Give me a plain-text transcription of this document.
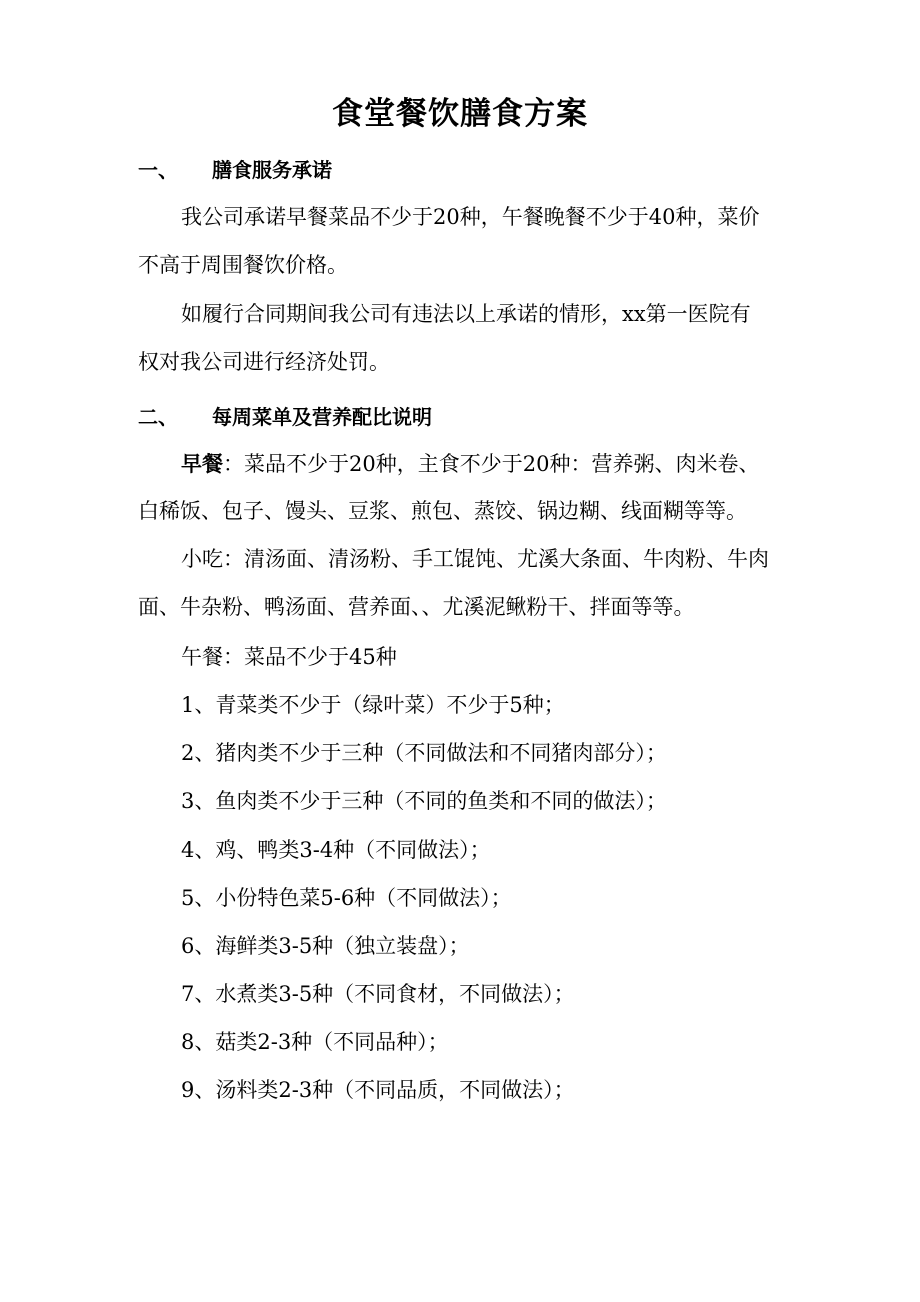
食堂餐饮膳食方案
一、 膳食服务承诺
我公司承诺早餐菜品不少于20种，午餐晚餐不少于40种，菜价
不高于周围餐饮价格。
如履行合同期间我公司有违法以上承诺的情形，xx第一医院有
权对我公司进行经济处罚。
二、 每周菜单及营养配比说明
早餐：菜品不少于20种，主食不少于20种：营养粥、肉米卷、
白稀饭、包子、馒头、豆浆、煎包、蒸饺、锅边糊、线面糊等等。
小吃：清汤面、清汤粉、手工馄饨、尤溪大条面、牛肉粉、牛肉
面、牛杂粉、鸭汤面、营养面、、尤溪泥鳅粉干、拌面等等。
午餐：菜品不少于45种
1、青菜类不少于（绿叶菜）不少于5种；
2、猪肉类不少于三种（不同做法和不同猪肉部分）；
3、鱼肉类不少于三种（不同的鱼类和不同的做法）；
4、鸡、鸭类3-4种（不同做法）；
5、小份特色菜5-6种（不同做法）；
6、海鲜类3-5种（独立装盘）；
7、水煮类3-5种（不同食材，不同做法）；
8、菇类2-3种（不同品种）；
9、汤料类2-3种（不同品质，不同做法）；
